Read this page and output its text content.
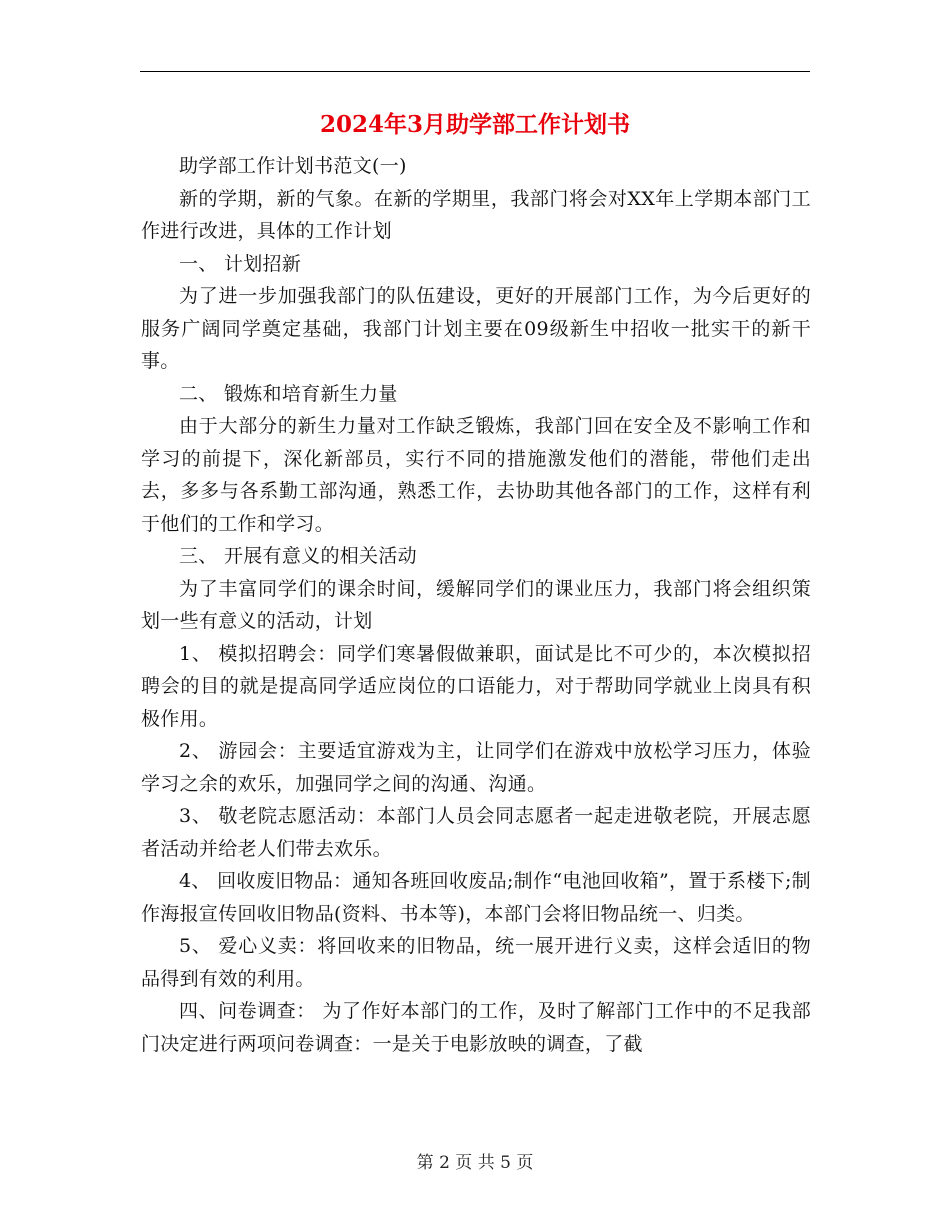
2024年3月助学部工作计划书

助学部工作计划书范文(一)

新的学期，新的气象。在新的学期里，我部门将会对XX年上学期本部门工作进行改进，具体的工作计划

一、 计划招新

为了进一步加强我部门的队伍建设，更好的开展部门工作，为今后更好的服务广阔同学奠定基础，我部门计划主要在09级新生中招收一批实干的新干事。

二、 锻炼和培育新生力量

由于大部分的新生力量对工作缺乏锻炼，我部门回在安全及不影响工作和学习的前提下，深化新部员，实行不同的措施激发他们的潜能，带他们走出去，多多与各系勤工部沟通，熟悉工作，去协助其他各部门的工作，这样有利于他们的工作和学习。

三、 开展有意义的相关活动

为了丰富同学们的课余时间，缓解同学们的课业压力，我部门将会组织策划一些有意义的活动，计划

1、 模拟招聘会：同学们寒暑假做兼职，面试是比不可少的，本次模拟招聘会的目的就是提高同学适应岗位的口语能力，对于帮助同学就业上岗具有积极作用。

2、 游园会：主要适宜游戏为主，让同学们在游戏中放松学习压力，体验学习之余的欢乐，加强同学之间的沟通、沟通。

3、 敬老院志愿活动：本部门人员会同志愿者一起走进敬老院，开展志愿者活动并给老人们带去欢乐。

4、 回收废旧物品：通知各班回收废品;制作“电池回收箱”，置于系楼下;制作海报宣传回收旧物品(资料、书本等)，本部门会将旧物品统一、归类。

5、 爱心义卖：将回收来的旧物品，统一展开进行义卖，这样会适旧的物品得到有效的利用。

四、问卷调查： 为了作好本部门的工作，及时了解部门工作中的不足我部门决定进行两项问卷调查：一是关于电影放映的调查，了截

第 2 页 共 5 页
